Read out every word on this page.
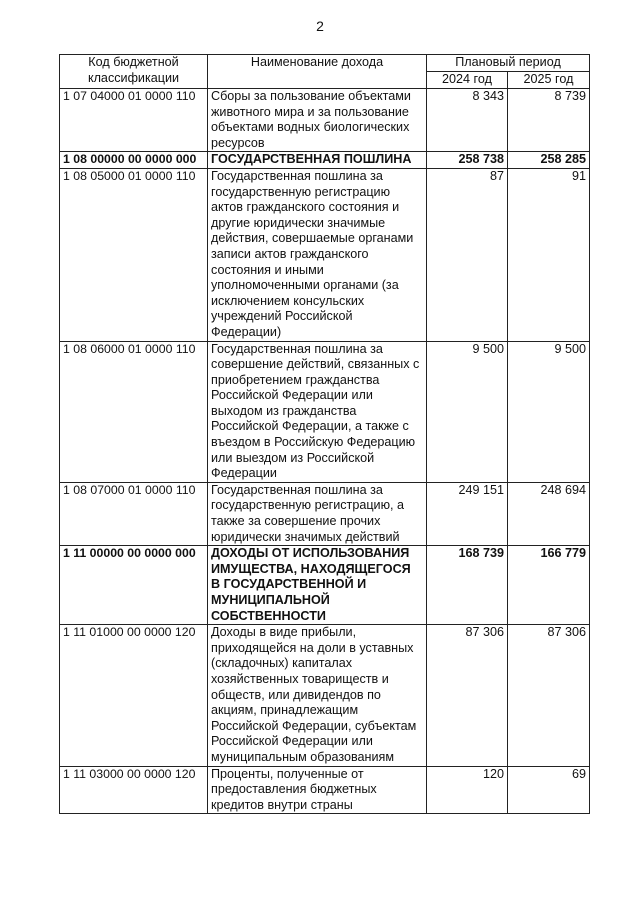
2
Код бюджетной классификации	Наименование дохода	Плановый период	
		2024 год	2025 год
1 07 04000 01 0000 110	Сборы за пользование объектами животного мира и за пользование объектами водных биологических ресурсов	8 343	8 739
1 08 00000 00 0000 000	ГОСУДАРСТВЕННАЯ ПОШЛИНА	258 738	258 285
1 08 05000 01 0000 110	Государственная пошлина за государственную регистрацию актов гражданского состояния и другие юридически значимые действия, совершаемые органами записи актов гражданского состояния и иными уполномоченными органами (за исключением консульских учреждений Российской Федерации)	87	91
1 08 06000 01 0000 110	Государственная пошлина за совершение действий, связанных с приобретением гражданства Российской Федерации или выходом из гражданства Российской Федерации, а также с въездом в Российскую Федерацию или выездом из Российской Федерации	9 500	9 500
1 08 07000 01 0000 110	Государственная пошлина за государственную регистрацию, а также за совершение прочих юридически значимых действий	249 151	248 694
1 11 00000 00 0000 000	ДОХОДЫ ОТ ИСПОЛЬЗОВАНИЯ ИМУЩЕСТВА, НАХОДЯЩЕГОСЯ В ГОСУДАРСТВЕННОЙ И МУНИЦИПАЛЬНОЙ СОБСТВЕННОСТИ	168 739	166 779
1 11 01000 00 0000 120	Доходы в виде прибыли, приходящейся на доли в уставных (складочных) капиталах хозяйственных товариществ и обществ, или дивидендов по акциям, принадлежащим Российской Федерации, субъектам Российской Федерации или муниципальным образованиям	87 306	87 306
1 11 03000 00 0000 120	Проценты, полученные от предоставления бюджетных кредитов внутри страны	120	69
